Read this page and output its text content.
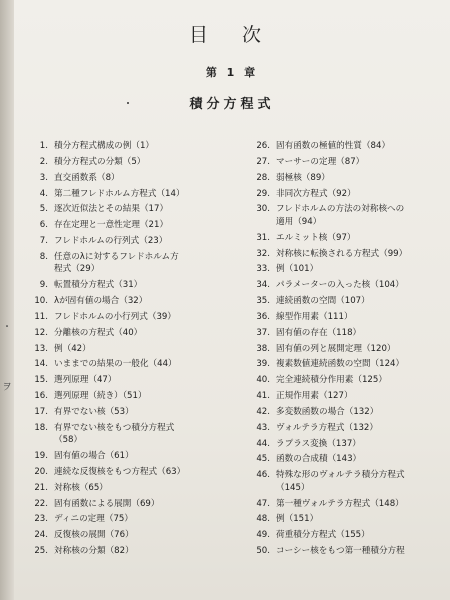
・
ヲ
目 次
第 1 章
積分方程式
1. 積分方程式構成の例（1）
2. 積分方程式の分類（5）
3. 直交函数系（8）
4. 第二種フレドホルム方程式（14）
5. 逐次近似法とその結果（17）
6. 存在定理と一意性定理（21）
7. フレドホルムの行列式（23）
8. 任意のλに対するフレドホルム方
程式（29）
9. 転置積分方程式（31）
10. λが固有値の場合（32）
11. フレドホルムの小行列式（39）
12. 分離核の方程式（40）
13. 例（42）
14. いままでの結果の一般化（44）
15. 選列原理（47）
16. 選列原理（続き）（51）
17. 有界でない核（53）
18. 有界でない核をもつ積分方程式
（58）
19. 固有値の場合（61）
20. 連続な反復核をもつ方程式（63）
21. 対称核（65）
22. 固有函数による展開（69）
23. ディニの定理（75）
24. 反復核の展開（76）
25. 対称核の分類（82）
26. 固有函数の極値的性質（84）
27. マーサーの定理（87）
28. 弱極核（89）
29. 非同次方程式（92）
30. フレドホルムの方法の対称核への
適用（94）
31. エルミット核（97）
32. 対称核に転換される方程式（99）
33. 例（101）
34. パラメーターの入った核（104）
35. 連続函数の空間（107）
36. 線型作用素（111）
37. 固有値の存在（118）
38. 固有値の列と展開定理（120）
39. 複素数値連続函数の空間（124）
40. 完全連続積分作用素（125）
41. 正規作用素（127）
42. 多変数函数の場合（132）
43. ヴォルテラ方程式（132）
44. ラプラス変換（137）
45. 函数の合成積（143）
46. 特殊な形のヴォルテラ積分方程式
（145）
47. 第一種ヴォルテラ方程式（148）
48. 例（151）
49. 荷重積分方程式（155）
50. コーシー核をもつ第一種積分方程
